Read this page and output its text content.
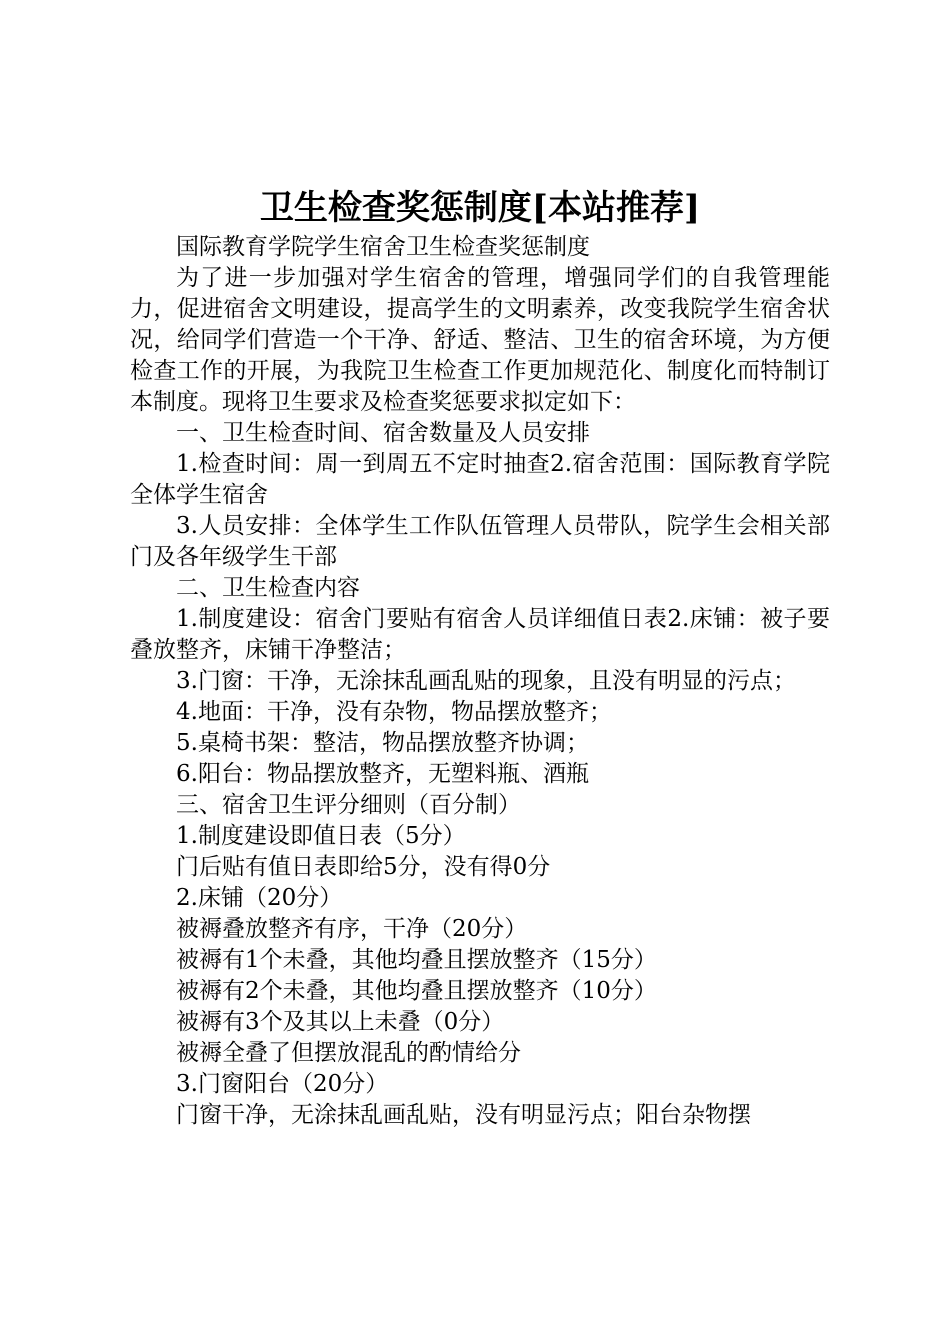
卫生检查奖惩制度[本站推荐]

国际教育学院学生宿舍卫生检查奖惩制度

为了进一步加强对学生宿舍的管理，增强同学们的自我管理能力，促进宿舍文明建设，提高学生的文明素养，改变我院学生宿舍状况，给同学们营造一个干净、舒适、整洁、卫生的宿舍环境，为方便检查工作的开展，为我院卫生检查工作更加规范化、制度化而特制订本制度。现将卫生要求及检查奖惩要求拟定如下：

一、卫生检查时间、宿舍数量及人员安排

1.检查时间：周一到周五不定时抽查2.宿舍范围：国际教育学院全体学生宿舍

3.人员安排：全体学生工作队伍管理人员带队，院学生会相关部门及各年级学生干部

二、卫生检查内容

1.制度建设：宿舍门要贴有宿舍人员详细值日表2.床铺：被子要叠放整齐，床铺干净整洁；

3.门窗：干净，无涂抹乱画乱贴的现象，且没有明显的污点；

4.地面：干净，没有杂物，物品摆放整齐；

5.桌椅书架：整洁，物品摆放整齐协调；

6.阳台：物品摆放整齐，无塑料瓶、酒瓶

三、宿舍卫生评分细则（百分制）

1.制度建设即值日表（5分）

门后贴有值日表即给5分，没有得0分

2.床铺（20分）

被褥叠放整齐有序，干净（20分）

被褥有1个未叠，其他均叠且摆放整齐（15分）

被褥有2个未叠，其他均叠且摆放整齐（10分）

被褥有3个及其以上未叠（0分）

被褥全叠了但摆放混乱的酌情给分

3.门窗阳台（20分）

门窗干净，无涂抹乱画乱贴，没有明显污点；阳台杂物摆
